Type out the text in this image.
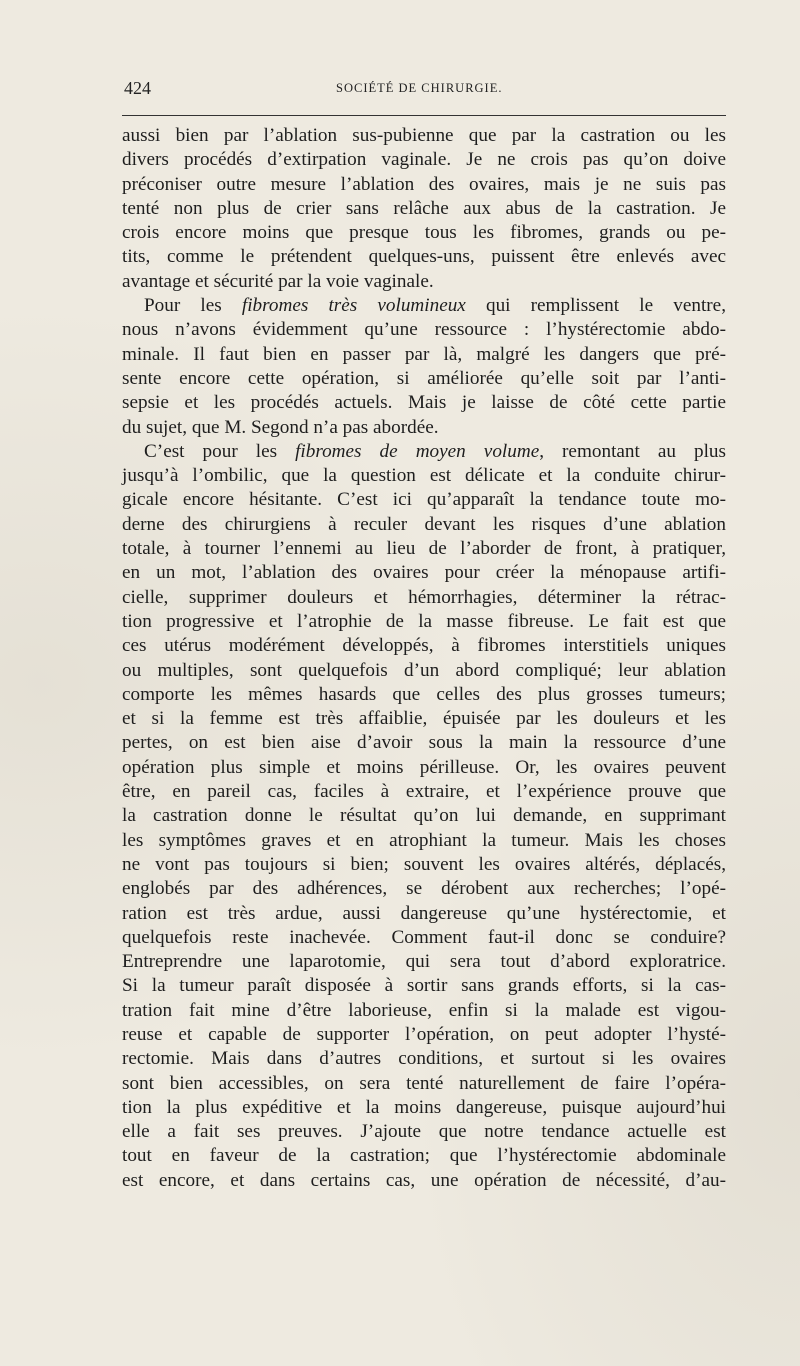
424	SOCIÉTÉ DE CHIRURGIE.
aussi bien par l’ablation sus-pubienne que par la castration ou les
divers procédés d’extirpation vaginale. Je ne crois pas qu’on doive
préconiser outre mesure l’ablation des ovaires, mais je ne suis pas
tenté non plus de crier sans relâche aux abus de la castration. Je
crois encore moins que presque tous les fibromes, grands ou pe-
tits, comme le prétendent quelques-uns, puissent être enlevés avec
avantage et sécurité par la voie vaginale.
Pour les fibromes très volumineux qui remplissent le ventre,
nous n’avons évidemment qu’une ressource : l’hystérectomie abdo-
minale. Il faut bien en passer par là, malgré les dangers que pré-
sente encore cette opération, si améliorée qu’elle soit par l’anti-
sepsie et les procédés actuels. Mais je laisse de côté cette partie
du sujet, que M. Segond n’a pas abordée.
C’est pour les fibromes de moyen volume, remontant au plus
jusqu’à l’ombilic, que la question est délicate et la conduite chirur-
gicale encore hésitante. C’est ici qu’apparaît la tendance toute mo-
derne des chirurgiens à reculer devant les risques d’une ablation
totale, à tourner l’ennemi au lieu de l’aborder de front, à pratiquer,
en un mot, l’ablation des ovaires pour créer la ménopause artifi-
cielle, supprimer douleurs et hémorrhagies, déterminer la rétrac-
tion progressive et l’atrophie de la masse fibreuse. Le fait est que
ces utérus modérément développés, à fibromes interstitiels uniques
ou multiples, sont quelquefois d’un abord compliqué; leur ablation
comporte les mêmes hasards que celles des plus grosses tumeurs;
et si la femme est très affaiblie, épuisée par les douleurs et les
pertes, on est bien aise d’avoir sous la main la ressource d’une
opération plus simple et moins périlleuse. Or, les ovaires peuvent
être, en pareil cas, faciles à extraire, et l’expérience prouve que
la castration donne le résultat qu’on lui demande, en supprimant
les symptômes graves et en atrophiant la tumeur. Mais les choses
ne vont pas toujours si bien; souvent les ovaires altérés, déplacés,
englobés par des adhérences, se dérobent aux recherches; l’opé-
ration est très ardue, aussi dangereuse qu’une hystérectomie, et
quelquefois reste inachevée. Comment faut-il donc se conduire?
Entreprendre une laparotomie, qui sera tout d’abord exploratrice.
Si la tumeur paraît disposée à sortir sans grands efforts, si la cas-
tration fait mine d’être laborieuse, enfin si la malade est vigou-
reuse et capable de supporter l’opération, on peut adopter l’hysté-
rectomie. Mais dans d’autres conditions, et surtout si les ovaires
sont bien accessibles, on sera tenté naturellement de faire l’opéra-
tion la plus expéditive et la moins dangereuse, puisque aujourd’hui
elle a fait ses preuves. J’ajoute que notre tendance actuelle est
tout en faveur de la castration; que l’hystérectomie abdominale
est encore, et dans certains cas, une opération de nécessité, d’au-
